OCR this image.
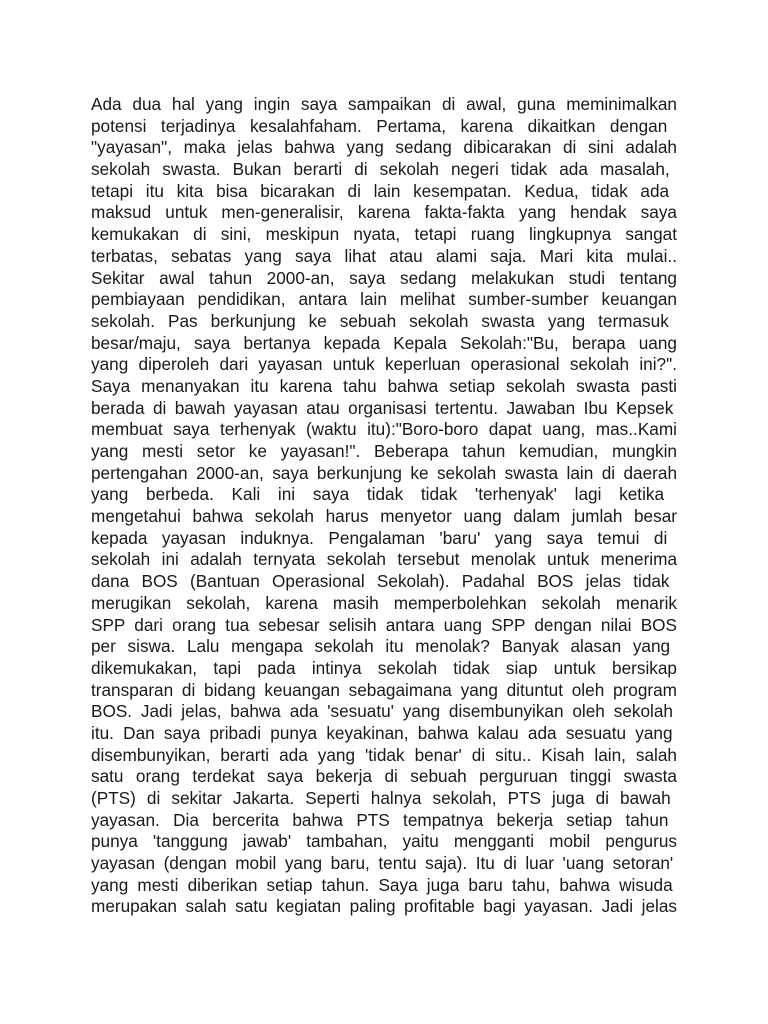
Ada dua hal yang ingin saya sampaikan di awal, guna meminimalkan
potensi terjadinya kesalahfaham. Pertama, karena dikaitkan dengan
"yayasan", maka jelas bahwa yang sedang dibicarakan di sini adalah
sekolah swasta. Bukan berarti di sekolah negeri tidak ada masalah,
tetapi itu kita bisa bicarakan di lain kesempatan. Kedua, tidak ada
maksud untuk men-generalisir, karena fakta-fakta yang hendak saya
kemukakan di sini, meskipun nyata, tetapi ruang lingkupnya sangat
terbatas, sebatas yang saya lihat atau alami saja. Mari kita mulai..
Sekitar awal tahun 2000-an, saya sedang melakukan studi tentang
pembiayaan pendidikan, antara lain melihat sumber-sumber keuangan
sekolah. Pas berkunjung ke sebuah sekolah swasta yang termasuk
besar/maju, saya bertanya kepada Kepala Sekolah:"Bu, berapa uang
yang diperoleh dari yayasan untuk keperluan operasional sekolah ini?".
Saya menanyakan itu karena tahu bahwa setiap sekolah swasta pasti
berada di bawah yayasan atau organisasi tertentu. Jawaban Ibu Kepsek
membuat saya terhenyak (waktu itu):"Boro-boro dapat uang, mas..Kami
yang mesti setor ke yayasan!". Beberapa tahun kemudian, mungkin
pertengahan 2000-an, saya berkunjung ke sekolah swasta lain di daerah
yang berbeda. Kali ini saya tidak tidak 'terhenyak' lagi ketika
mengetahui bahwa sekolah harus menyetor uang dalam jumlah besar
kepada yayasan induknya. Pengalaman 'baru' yang saya temui di
sekolah ini adalah ternyata sekolah tersebut menolak untuk menerima
dana BOS (Bantuan Operasional Sekolah). Padahal BOS jelas tidak
merugikan sekolah, karena masih memperbolehkan sekolah menarik
SPP dari orang tua sebesar selisih antara uang SPP dengan nilai BOS
per siswa. Lalu mengapa sekolah itu menolak? Banyak alasan yang
dikemukakan, tapi pada intinya sekolah tidak siap untuk bersikap
transparan di bidang keuangan sebagaimana yang dituntut oleh program
BOS. Jadi jelas, bahwa ada 'sesuatu' yang disembunyikan oleh sekolah
itu. Dan saya pribadi punya keyakinan, bahwa kalau ada sesuatu yang
disembunyikan, berarti ada yang 'tidak benar' di situ.. Kisah lain, salah
satu orang terdekat saya bekerja di sebuah perguruan tinggi swasta
(PTS) di sekitar Jakarta. Seperti halnya sekolah, PTS juga di bawah
yayasan. Dia bercerita bahwa PTS tempatnya bekerja setiap tahun
punya 'tanggung jawab' tambahan, yaitu mengganti mobil pengurus
yayasan (dengan mobil yang baru, tentu saja). Itu di luar 'uang setoran'
yang mesti diberikan setiap tahun. Saya juga baru tahu, bahwa wisuda
merupakan salah satu kegiatan paling profitable bagi yayasan. Jadi jelas
